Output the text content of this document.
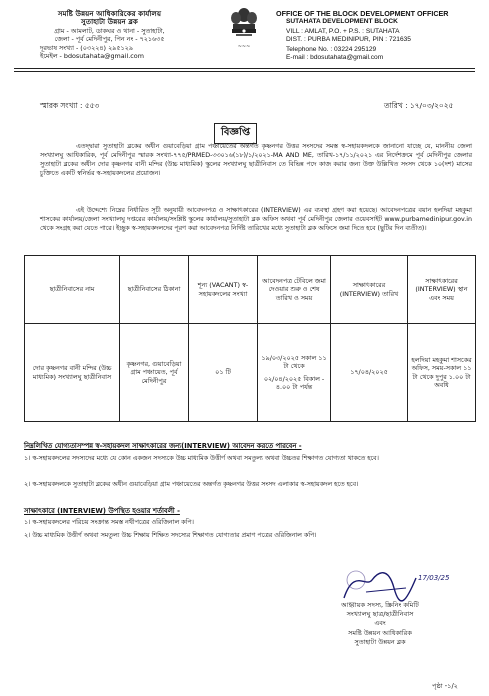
সমষ্টি উন্নয়ন আধিকারিকের কার্যালয়
সুতাহাটা উন্নয়ন ব্লক
গ্রাম - আমলাট, ডাকঘর ও থানা - সুতাহাটা,
জেলা - পূর্ব মেদিনীপুর, পিন নং - ৭২১৬৩৫
দূরভাষ সংখ্যা - (০৩২২৪) ২৯৫১২৯
ইমেইল - bdosutahata@gmail.com
~~~
OFFICE OF THE BLOCK DEVELOPMENT OFFICER
SUTAHATA DEVELOPMENT BLOCK
VILL : AMLAT, P.O. + P.S. : SUTAHATA
DIST. : PURBA MEDINIPUR, PIN : 721635
Telephone No. : 03224 295129
E-mail : bdosutahata@gmail.com
স্মারক সংখ্যা : ৫৫৩	তারিখ : ১৭/০৩/২০২৫
বিজ্ঞপ্তি
এতদ্দ্বারা সুতাহাটা ব্লকের অধীন গুয়াবেড়িয়া গ্রাম পঞ্চায়েতের অন্তর্গত কৃষ্ণনগর উত্তর সংসদের সমস্ত স্ব-সহায়কদলকে জানানো যাচ্ছে যে, মাননীয় জেলা সংখ্যালঘু আধিকারিক, পূর্ব মেদিনীপুর স্মারক সংখ্যা-৭৭৫/PRMED-৩৩০১৬(১৮)/১/২০২১-MA AND ME, তারিখ-১৭/১১/২০২১ এর নির্দেশক্রমে পূর্ব মেদিনীপুর জেলার সুতাহাটা ব্লকের অধীন দোর কৃষ্ণনগর বানী মন্দির (উচ্চ মাধ্যমিক) স্কুলের সংখ্যালঘু ছাত্রীনিবাস তে বিভিন্ন পদে কাজ করার জন্য উক্ত উল্লিখিত সংসদ থেকে ১০(দশ) মাসের চুক্তিতে একটি স্বনির্ভর স্ব-সহায়কদলের প্রয়োজন।
এই উদ্দেশ্যে নিম্নের নির্ধারিত সূচী অনুযায়ী আবেদনপত্র ও সাক্ষাৎকারের (INTERVIEW) এর ব্যবস্থা গ্রহণ করা হয়েছে। আবেদনপত্রের বয়ান হলদিয়া মহকুমা শাসকের কার্যালয়/জেলা সংখ্যালঘু দপ্তরের কার্যালয়/সংশ্লিষ্ট স্কুলের কার্যালয়/সুতাহাটা ব্লক অফিস অথবা পূর্ব মেদিনীপুর জেলার ওয়েবসাইট www.purbamedinipur.gov.in থেকে সংগ্রহ করা যেতে পারে। ইচ্ছুক স্ব-সহায়কদলদের পূরণ করা আবেদনপত্র নির্দিষ্ট তারিখের মধ্যে সুতাহাটা ব্লক অফিসে জমা দিতে হবে (ছুটির দিন ব্যতীত)।
ছাত্রীনিবাসের নাম	ছাত্রীনিবাসের ঠিকানা	শূন্য (VACANT) স্ব-সহায়কদলের সংখ্যা	আবেদনপত্র টেবিলে জমা দেওয়ার শুরু ও শেষ তারিখ ও সময়	সাক্ষাৎকারের (INTERVIEW) তারিখ	সাক্ষাৎকারের (INTERVIEW) স্থান এবং সময়
দোর কৃষ্ণনগর বানী মন্দির (উচ্চ মাধ্যমিক) সংখ্যালঘু ছাত্রীনিবাস	কৃষ্ণনগর, গুয়াবেড়িয়া গ্রাম পঞ্চায়েত, পূর্ব মেদিনীপুর	০১ টি	১৯/০৩/২০২৫ সকাল ১১ টা থেকে
০২/০৪/২০২৫ বিকাল - ৪.০০ টা পর্যন্ত	১৭/০৪/২০২৫	হলদিয়া মহকুমা শাসকের অফিস, সময়-সকাল ১১ টা থেকে দুপুর ১.০০ টা অবধি
নিম্নলিখিত যোগ্যতাসম্পন্ন স্ব-সহায়কদল সাক্ষাৎকারের জন্য(INTERVIEW) আবেদন করতে পারবেন -
১। স্ব-সহায়কদলের সদস্যদের মধ্যে যে কোন একজন সদস্যকে উচ্চ মাধ্যমিক উত্তীর্ণ অথবা সমতুল্য অথবা উচ্চতর শিক্ষাগত যোগ্যতা থাকতে হবে।
২। স্ব-সহায়কদলকে সুতাহাটা ব্লকের অধীন গুয়াবেড়িয়া গ্রাম পঞ্চায়েতের অন্তর্গত কৃষ্ণনগর উত্তর সংসদ এলাকার স্ব-সহায়কদল হতে হবে।
সাক্ষাৎকারে (INTERVIEW) উপস্থিত হওয়ার শর্তাবলী -
১। স্ব-সহায়কদলের পরিচয় সংক্রান্ত সমস্ত নথীপত্রের ওরিজিনাল কপি।
২। উচ্চ মাধ্যমিক উত্তীর্ণ অথবা সমতুল্য উচ্চ শিক্ষায় শিক্ষিত সদস্যের শিক্ষাগত যোগ্যতার প্রমাণ পত্রের ওরিজিনাল কপি।
17/03/25
আহ্বায়ক সদস্য, স্ক্রিনিং কমিটি
সংখ্যালঘু ছাত্র/ছাত্রীনিবাস
এবং
সমষ্টি উন্নয়ন আধিকারিক
সুতাহাটা উন্নয়ন ব্লক
পৃষ্ঠা -১/২
